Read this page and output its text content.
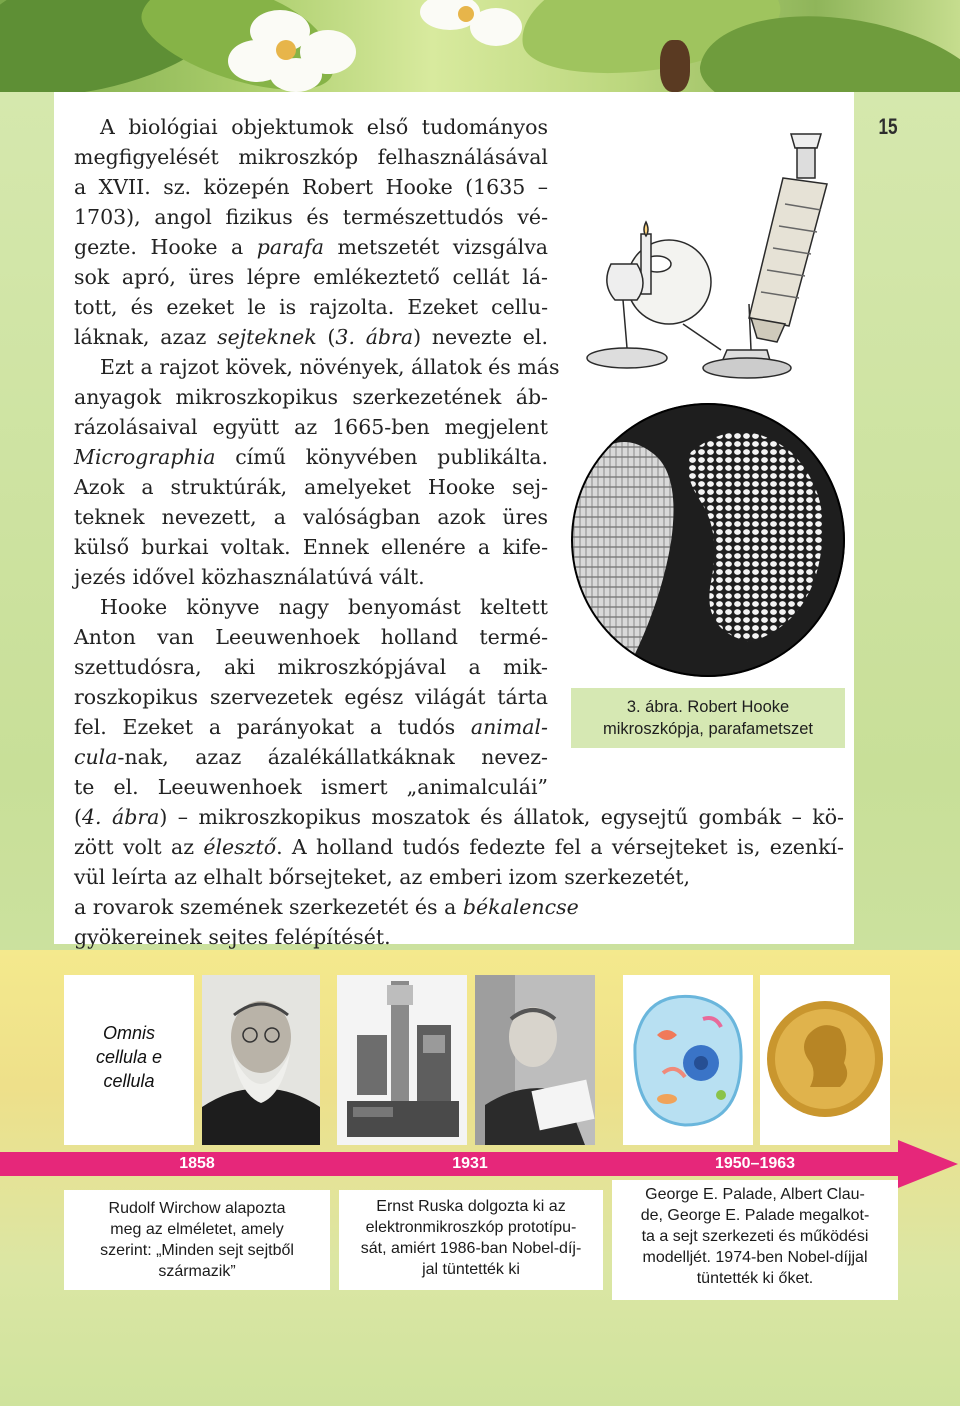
15
A biológiai objektumok első tudományos
megfigyelését mikroszkóp felhasználásával
a XVII. sz. közepén Robert Hooke (1635 –
1703), angol fizikus és természettudós vé-
gezte. Hooke a parafa metszetét vizsgálva
sok apró, üres lépre emlékeztető cellát lá-
tott, és ezeket le is rajzolta. Ezeket cellu-
láknak, azaz sejteknek (3. ábra) nevezte el.
Ezt a rajzot kövek, növények, állatok és más
anyagok mikroszkopikus szerkezetének áb-
rázolásaival együtt az 1665-ben megjelent
Micrographia című könyvében publikálta.
Azok a struktúrák, amelyeket Hooke sej-
teknek nevezett, a valóságban azok üres
külső burkai voltak. Ennek ellenére a kife-
jezés idővel közhasználatúvá vált.
Hooke könyve nagy benyomást keltett
Anton van Leeuwenhoek holland termé-
szettudósra, aki mikroszkópjával a mik-
roszkopikus szervezetek egész világát tárta
fel. Ezeket a parányokat a tudós animal-
cula-nak, azaz ázalékállatkáknak nevez-
te el. Leeuwenhoek ismert „animalculái”
(4. ábra) – mikroszkopikus moszatok és állatok, egysejtű gombák – kö-
zött volt az élesztő. A holland tudós fedezte fel a vérsejteket is, ezenkí-
vül leírta az elhalt bőrsejteket, az emberi izom szerkezetét,
a rovarok szemének szerkezetét és a békalencse
gyökereinek sejtes felépítését.
3. ábra. Robert Hooke
mikroszkópja, parafametszet
Omnis
cellula e
cellula
1858	1931	1950–1963
Rudolf Wirchow alapozta
meg az elméletet, amely
szerint: „Minden sejt sejtből
származik”
Ernst Ruska dolgozta ki az
elektronmikroszkóp prototípu-
sát, amiért 1986-ban Nobel-díj-
jal tüntették ki
George E. Palade, Albert Clau-
de, George E. Palade megalkot-
ta a sejt szerkezeti és működési
modelljét. 1974-ben Nobel-díjjal
tüntették ki őket.
